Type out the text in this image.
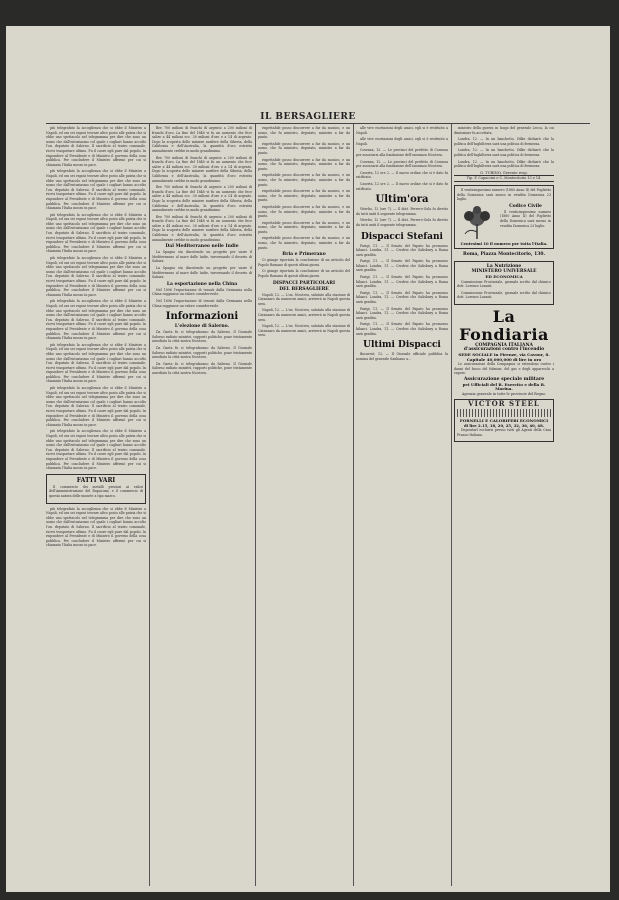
IL BERSAGLIERE

più telegrafato la accoglienza che si ebbe il Ministro a Napoli, ed ora sei esposi trovare altro posto alle patria che si ebbe uno spettacolo nel telegramma per dire che sono un uomo che dall'entusiasmo col quale i cagliari hanno accolto l'on. deputato di Salerno. Il sacrificio al teatro comunale, ricevi trasportare ultimo. Fu il cuore egli pure dal popolo. In rispondere al Presidente e di Ministro il governo della cosa pubblica. Per concludere il Ministro affermò per cui si chiamata l'Italia mosso in pace.

più telegrafato la accoglienza che si ebbe il Ministro a Napoli, ed ora sei esposi trovare altro posto alle patria che si ebbe uno spettacolo nel telegramma per dire che sono un uomo che dall'entusiasmo col quale i cagliari hanno accolto l'on. deputato di Salerno. Il sacrificio al teatro comunale, ricevi trasportare ultimo. Fu il cuore egli pure dal popolo. In rispondere al Presidente e di Ministro il governo della cosa pubblica. Per concludere il Ministro affermò per cui si chiamata l'Italia mosso in pace.

più telegrafato la accoglienza che si ebbe il Ministro a Napoli, ed ora sei esposi trovare altro posto alle patria che si ebbe uno spettacolo nel telegramma per dire che sono un uomo che dall'entusiasmo col quale i cagliari hanno accolto l'on. deputato di Salerno. Il sacrificio al teatro comunale, ricevi trasportare ultimo. Fu il cuore egli pure dal popolo. In rispondere al Presidente e di Ministro il governo della cosa pubblica. Per concludere il Ministro affermò per cui si chiamata l'Italia mosso in pace.

più telegrafato la accoglienza che si ebbe il Ministro a Napoli, ed ora sei esposi trovare altro posto alle patria che si ebbe uno spettacolo nel telegramma per dire che sono un uomo che dall'entusiasmo col quale i cagliari hanno accolto l'on. deputato di Salerno. Il sacrificio al teatro comunale, ricevi trasportare ultimo. Fu il cuore egli pure dal popolo. In rispondere al Presidente e di Ministro il governo della cosa pubblica. Per concludere il Ministro affermò per cui si chiamata l'Italia mosso in pace.

più telegrafato la accoglienza che si ebbe il Ministro a Napoli, ed ora sei esposi trovare altro posto alle patria che si ebbe uno spettacolo nel telegramma per dire che sono un uomo che dall'entusiasmo col quale i cagliari hanno accolto l'on. deputato di Salerno. Il sacrificio al teatro comunale, ricevi trasportare ultimo. Fu il cuore egli pure dal popolo. In rispondere al Presidente e di Ministro il governo della cosa pubblica. Per concludere il Ministro affermò per cui si chiamata l'Italia mosso in pace.

più telegrafato la accoglienza che si ebbe il Ministro a Napoli, ed ora sei esposi trovare altro posto alle patria che si ebbe uno spettacolo nel telegramma per dire che sono un uomo che dall'entusiasmo col quale i cagliari hanno accolto l'on. deputato di Salerno. Il sacrificio al teatro comunale, ricevi trasportare ultimo. Fu il cuore egli pure dal popolo. In rispondere al Presidente e di Ministro il governo della cosa pubblica. Per concludere il Ministro affermò per cui si chiamata l'Italia mosso in pace.

più telegrafato la accoglienza che si ebbe il Ministro a Napoli, ed ora sei esposi trovare altro posto alle patria che si ebbe uno spettacolo nel telegramma per dire che sono un uomo che dall'entusiasmo col quale i cagliari hanno accolto l'on. deputato di Salerno. Il sacrificio al teatro comunale, ricevi trasportare ultimo. Fu il cuore egli pure dal popolo. In rispondere al Presidente e di Ministro il governo della cosa pubblica. Per concludere il Ministro affermò per cui si chiamata l'Italia mosso in pace.

più telegrafato la accoglienza che si ebbe il Ministro a Napoli, ed ora sei esposi trovare altro posto alle patria che si ebbe uno spettacolo nel telegramma per dire che sono un uomo che dall'entusiasmo col quale i cagliari hanno accolto l'on. deputato di Salerno. Il sacrificio al teatro comunale, ricevi trasportare ultimo. Fu il cuore egli pure dal popolo. In rispondere al Presidente e di Ministro il governo della cosa pubblica. Per concludere il Ministro affermò per cui si chiamata l'Italia mosso in pace.

FATTI VARI

Il commercio dei metalli preziosi ai valori dell'Amministrazione del Rupacomi, e il commercio di questa natura delle monete a tipo marco.

più telegrafato la accoglienza che si ebbe il Ministro a Napoli, ed ora sei esposi trovare altro posto alle patria che si ebbe uno spettacolo nel telegramma per dire che sono un uomo che dall'entusiasmo col quale i cagliari hanno accolto l'on. deputato di Salerno. Il sacrificio al teatro comunale, ricevi trasportare ultimo. Fu il cuore egli pure dal popolo. In rispondere al Presidente e di Ministro il governo della cosa pubblica. Per concludere il Ministro affermò per cui si chiamata l'Italia mosso in pace.

flee 700 milioni di franchi di argento a 200 milioni di franchi d'oro. La fine del 1848 vi fu un aumento che fece salire a 44 milioni ecc. 30 milioni d'oro e a 14 di argento. Dopo la scoperta delle miniere aurifere della Siberia, della California e dell'Australia, la quantità d'oro estratta annualmente crebbe in modo grandissimo.

flee 700 milioni di franchi di argento a 200 milioni di franchi d'oro. La fine del 1848 vi fu un aumento che fece salire a 44 milioni ecc. 30 milioni d'oro e a 14 di argento. Dopo la scoperta delle miniere aurifere della Siberia, della California e dell'Australia, la quantità d'oro estratta annualmente crebbe in modo grandissimo.

flee 700 milioni di franchi di argento a 200 milioni di franchi d'oro. La fine del 1848 vi fu un aumento che fece salire a 44 milioni ecc. 30 milioni d'oro e a 14 di argento. Dopo la scoperta delle miniere aurifere della Siberia, della California e dell'Australia, la quantità d'oro estratta annualmente crebbe in modo grandissimo.

flee 700 milioni di franchi di argento a 200 milioni di franchi d'oro. La fine del 1848 vi fu un aumento che fece salire a 44 milioni ecc. 30 milioni d'oro e a 14 di argento. Dopo la scoperta delle miniere aurifere della Siberia, della California e dell'Australia, la quantità d'oro estratta annualmente crebbe in modo grandissimo.

Dal Mediterraneo nelle Indie

La Spagna sta discutendo un progetto per unire il Mediterraneo al mare delle Indie, traversando il deserto di Sahara.

La Spagna sta discutendo un progetto per unire il Mediterraneo al mare delle Indie, traversando il deserto di Sahara.

La esportazione nella China

Nel 1896 l'esportazione di tessuti dalla Germania nella China raggiunse un valore considerevole.

Nel 1896 l'esportazione di tessuti dalla Germania nella China raggiunse un valore considerevole.

Informazioni
L'elezione di Salerno.

Da Gaeta fu ci telegrafavano da Salerno. Il Giornale Salerno radiato ministri, rapporti politiche, pone tristamente assediato la città nostra Nicotera.

Da Gaeta fu ci telegrafavano da Salerno. Il Giornale Salerno radiato ministri, rapporti politiche, pone tristamente assediato la città nostra Nicotera.

Da Gaeta fu ci telegrafavano da Salerno. Il Giornale Salerno radiato ministri, rapporti politiche, pone tristamente assediato la città nostra Nicotera.

rispettabile posso discorrere a far da monico, e un uomo, che fu ministro, deputato, ministro a far da punto.

rispettabile posso discorrere a far da monico, e un uomo, che fu ministro, deputato, ministro a far da punto.

rispettabile posso discorrere a far da monico, e un uomo, che fu ministro, deputato, ministro a far da punto.

rispettabile posso discorrere a far da monico, e un uomo, che fu ministro, deputato, ministro a far da punto.

rispettabile posso discorrere a far da monico, e un uomo, che fu ministro, deputato, ministro a far da punto.

rispettabile posso discorrere a far da monico, e un uomo, che fu ministro, deputato, ministro a far da punto.

rispettabile posso discorrere a far da monico, e un uomo, che fu ministro, deputato, ministro a far da punto.

rispettabile posso discorrere a far da monico, e un uomo, che fu ministro, deputato, ministro a far da punto.

Bria e Primerano

Ci giunge riportata la conclusione di un articolo del Popolo Romano di questi ultimi giorni.

Ci giunge riportata la conclusione di un articolo del Popolo Romano di questi ultimi giorni.

DISPACCI PARTICOLARI
DEL BERSAGLIERE

Napoli, 12. — L'on. Nicotera, salutato alla stazione di Catanzaro da numerosi amici, arriverà in Napoli questa sera.

Napoli, 12. — L'on. Nicotera, salutato alla stazione di Catanzaro da numerosi amici, arriverà in Napoli questa sera.

Napoli, 12. — L'on. Nicotera, salutato alla stazione di Catanzaro da numerosi amici, arriverà in Napoli questa sera.

alle vive esortazioni degli amici, egli si è restituito a Napoli.

alle vive esortazioni degli amici, egli si è restituito a Napoli.

Cosenza, 12. — Le provinci del prefetto di Cosenza per associarsi alla fondazione dell'onoranza Nicotera.

Cosenza, 12. — Le provinci del prefetto di Cosenza per associarsi alla fondazione dell'onoranza Nicotera.

Caserta, 12 ore 2. — Il nuovo ordine che si è dato fu ratificato.

Caserta, 12 ore 2. — Il nuovo ordine che si è dato fu ratificato.

Ultim'ora

Viterbo, 12 (ore 7). — Il dott. Ferrero-Gola fu diretto da tutti uniti il seguente telegramma.

Viterbo, 12 (ore 7). — Il dott. Ferrero-Gola fu diretto da tutti uniti il seguente telegramma.

Dispacci Stefani

Parigi, 11. — Il Senato del Papato ha promosso bilanci. Londra, 11. — Credesi che Salisbury a Roma sarà gradita.

Parigi, 11. — Il Senato del Papato ha promosso bilanci. Londra, 11. — Credesi che Salisbury a Roma sarà gradita.

Parigi, 11. — Il Senato del Papato ha promosso bilanci. Londra, 11. — Credesi che Salisbury a Roma sarà gradita.

Parigi, 11. — Il Senato del Papato ha promosso bilanci. Londra, 11. — Credesi che Salisbury a Roma sarà gradita.

Parigi, 11. — Il Senato del Papato ha promosso bilanci. Londra, 11. — Credesi che Salisbury a Roma sarà gradita.

Parigi, 11. — Il Senato del Papato ha promosso bilanci. Londra, 11. — Credesi che Salisbury a Roma sarà gradita.

Ultimi Dispacci

Bucarest, 12. — Il Giornale ufficiale pubblica la nomina del generale Sanhiano a...

ministro della guerra in luogo del generale Lecca, la cui dimissione fu accettata.

Londra, 12. — In un banchetto, Dilke dichiarò che la politica dell'Inghilterra sarà una politica di fermezza.

Londra, 12. — In un banchetto, Dilke dichiarò che la politica dell'Inghilterra sarà una politica di fermezza.

Londra, 12. — In un banchetto, Dilke dichiarò che la politica dell'Inghilterra sarà una politica di fermezza.

G. TUBINO, Gerente resp.
Tip. F. Capaccini e C. Montecitorio 13 e 14.

Il venticinquesimo numero (1880 Anno II) del Foglietto della Domenica sarà messo in vendita Domenica 23 luglio.

Codice Civile

Il venticinquesimo numero (1880 Anno II) del Foglietto della Domenica sarà messo in vendita Domenica 23 luglio.

Centesimi 10 il numero per tutta l'Italia.
Roma, Piazza Montecitorio, 130.
La Nutrizione
MINISTERO UNIVERSALE
ED ECONOMICA

Commissione Provinciale, giornale scritto dal chimico dott. Lorenzo Luzzati.

Commissione Provinciale, giornale scritto dal chimico dott. Lorenzo Luzzati.

La Fondiaria
COMPAGNIA ITALIANA
d'assicurazioni contro l'incendio
SEDE SOCIALE in Firenze, via Cavour, 8.
Capitale 40,000,000 di lire in oro

Le assicurazioni della Compagnia si estendono contro i danni del fuoco del fulmine, del gas e degli apparecchi a vapore.

Assicurazione speciale militare
pei Ufficiali del R. Esercito e della R. Marina.
Agenzia generale in tutte le provincie del Regno.
VICTOR STEEL
FORNELLI E CALORIFERI ECONOMICI
di lire 2.15, 18, 20, 25, 32, 36, 40, 48.

Depositarî esclusivi presso tutti gli Agenti della Casa Franco-Italiana.
